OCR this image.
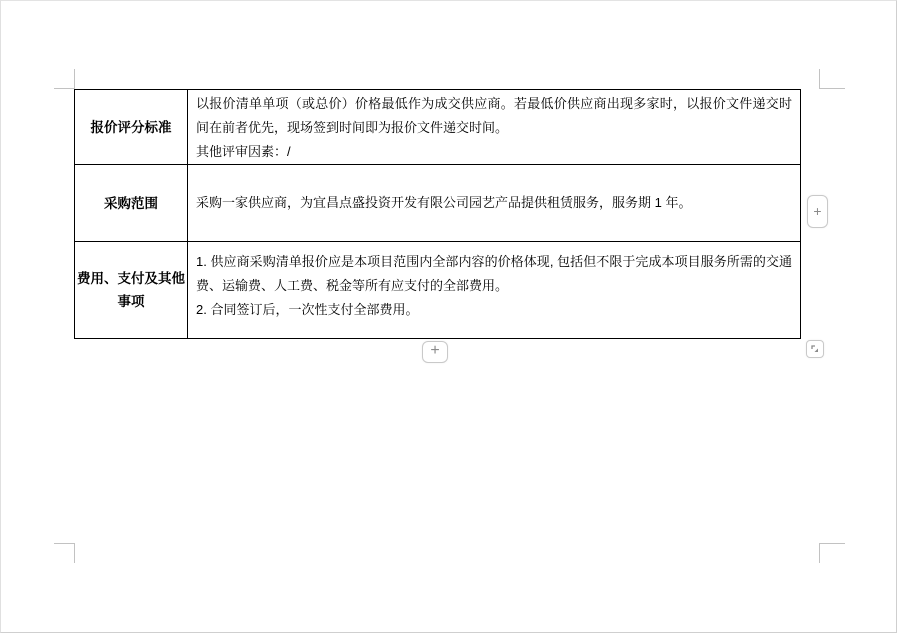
报价评分标准

以报价清单单项（或总价）价格最低作为成交供应商。若最低价供应商出现多家时，以报价文件递交时间在前者优先，现场签到时间即为报价文件递交时间。

其他评审因素：/

采购范围	采购一家供应商，为宜昌点盛投资开发有限公司园艺产品提供租赁服务，服务期 1 年。

费用、支付及其他事项

1. 供应商采购清单报价应是本项目范围内全部内容的价格体现, 包括但不限于完成本项目服务所需的交通费、运输费、人工费、税金等所有应支付的全部费用。

2. 合同签订后，一次性支付全部费用。

+
+
